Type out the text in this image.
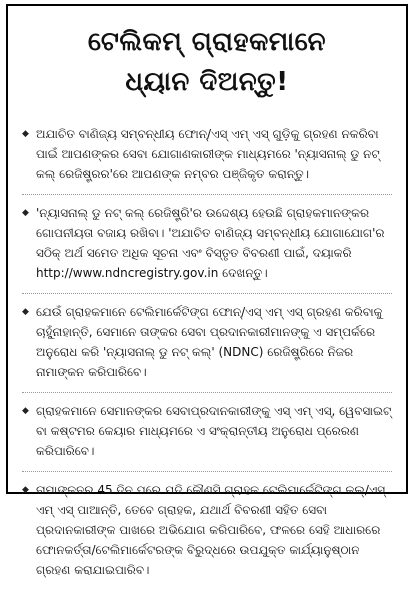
ଟେଲିକମ୍ ଗ୍ରାହକମାନେ
ଧ୍ୟାନ ଦିଅନ୍ତୁ!
◆ ଅଯାଚିତ ବାଣିଜ୍ୟ ସମ୍ବନ୍ଧୀୟ ଫୋନ୍/ଏସ୍ ଏମ୍ ଏସ୍ ଗୁଡ଼ିକୁ ଗ୍ରହଣ ନକରିବା ପାଇଁ ଆପଣଙ୍କର ସେବା ଯୋଗାଣକାରୀଙ୍କ ମାଧ୍ୟମରେ 'ନ୍ୟାସନାଲ୍ ଡୁ ନଟ୍ କଲ୍ ରେଜିଷ୍ଟ୍ରର'ରେ ଆପଣଙ୍କ ନମ୍ବର ପଞ୍ଜିକୃତ କରାନ୍ତୁ।
◆ 'ନ୍ୟାସନାଲ୍ ଡୁ ନଟ୍ କଲ୍ ରେଜିଷ୍ଟ୍ରି'ର ଉଦ୍ଦେଶ୍ୟ ହେଉଛି ଗ୍ରାହକମାନଙ୍କର ଗୋପନୀୟତା ବଜାୟ ରଖିବା। 'ଅଯାଚିତ ବାଣିଜ୍ୟ ସମ୍ବନ୍ଧୀୟ ଯୋଗାଯୋଗ'ର ସଠିକ୍ ଅର୍ଥ ସମେତ ଅଧିକ ସୂଚନା ଏବଂ ବିସ୍ତୃତ ବିବରଣୀ ପାଇଁ, ଦୟାକରି http://www.ndncregistry.gov.in ଦେଖନ୍ତୁ।
◆ ଯେଉଁ ଗ୍ରାହକମାନେ ଟେଲିମାର୍କେଟିଙ୍ଗ ଫୋନ୍/ଏସ୍ ଏମ୍ ଏସ୍ ଗ୍ରହଣ କରିବାକୁ ଚାହୁଁନାହାନ୍ତି, ସେମାନେ ତାଙ୍କର ସେବା ପ୍ରଦାନକାରୀମାନଙ୍କୁ ଏ ସମ୍ପର୍କରେ ଅନୁରୋଧ କରି 'ନ୍ୟାସନାଲ୍ ଡୁ ନଟ୍ କଲ୍' (NDNC) ରେଜିଷ୍ଟ୍ରିରେ ନିଜର ନାମାଙ୍କନ କରିପାରିବେ।
◆ ଗ୍ରାହକମାନେ ସେମାନଙ୍କର ସେବାପ୍ରଦାନକାରୀଙ୍କୁ ଏସ୍ ଏମ୍ ଏସ୍, ୱେବସାଇଟ୍ ବା କଷ୍ଟମର କେୟାର ମାଧ୍ୟମରେ ଏ ସଂକ୍ରାନ୍ତୀୟ ଅନୁରୋଧ ପ୍ରେରଣ କରିପାରିବେ।
◆ ନାମାଙ୍କନର 45 ଦିନ ପରେ ଯଦି କୌଣସି ଗ୍ରାହକ ଟେଲିମାର୍କେଟିଙ୍ଗ କଲ୍/ଏସ୍ ଏମ୍ ଏସ୍ ପାଆନ୍ତି, ତେବେ ଗ୍ରାହକ, ଯଥାର୍ଥ ବିବରଣୀ ସହିତ ସେବା ପ୍ରଦାନକାରୀଙ୍କ ପାଖରେ ଅଭିଯୋଗ କରିପାରିବେ, ଫଳରେ ସେହି ଆଧାରରେ ଫୋନକର୍ତ୍ତା/ଟେଲିମାର୍କେଟରଙ୍କ ବିରୁଦ୍ଧରେ ଉପଯୁକ୍ତ କାର୍ଯ୍ୟାନୁଷ୍ଠାନ ଗ୍ରହଣ କରାଯାଇପାରିବ।
